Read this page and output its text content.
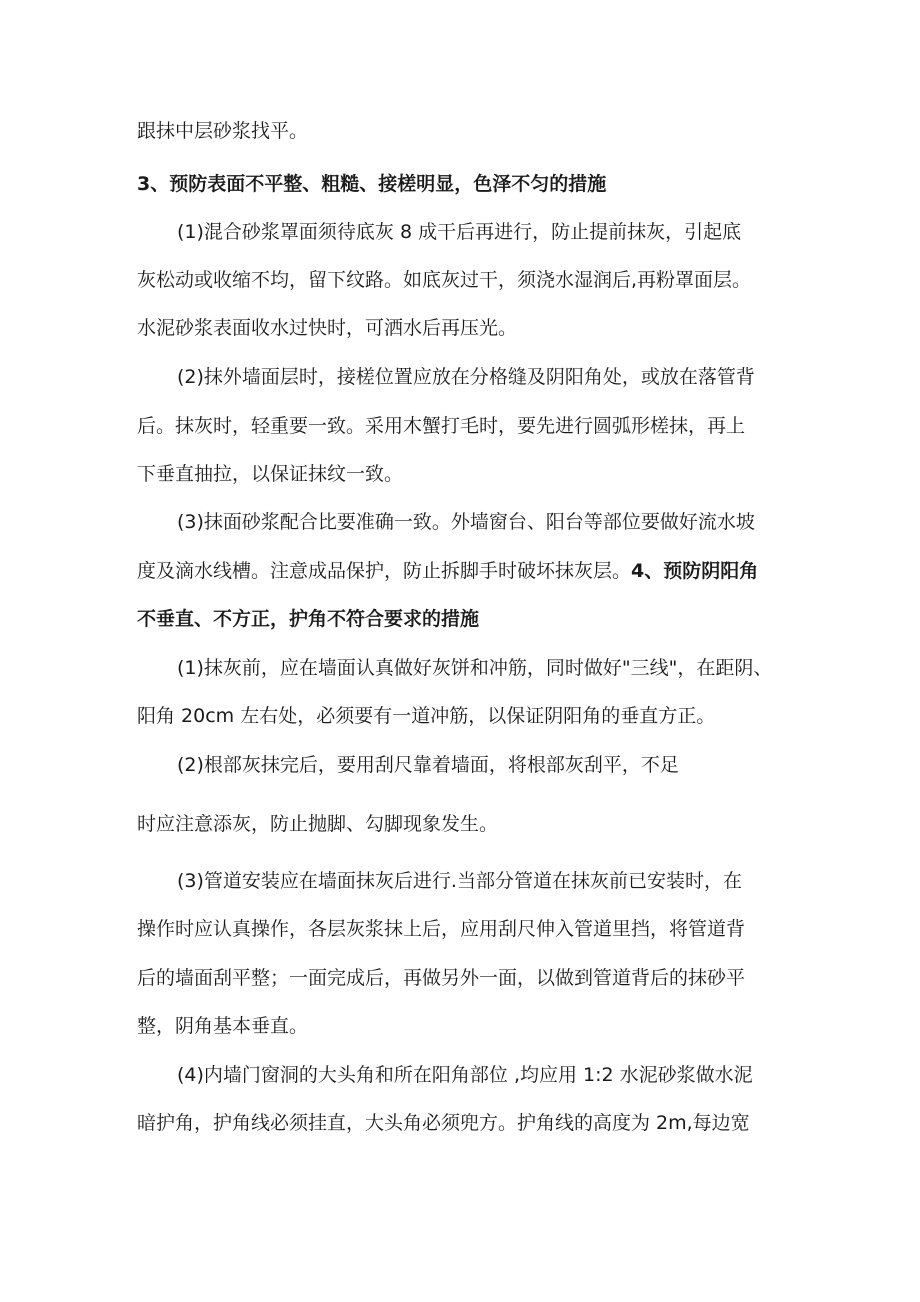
跟抹中层砂浆找平。
3、预防表面不平整、粗糙、接槎明显，色泽不匀的措施
(1)混合砂浆罩面须待底灰 8 成干后再进行，防止提前抹灰，引起底
灰松动或收缩不均，留下纹路。如底灰过干，须浇水湿润后,再粉罩面层。
水泥砂浆表面收水过快时，可洒水后再压光。
(2)抹外墙面层时，接槎位置应放在分格缝及阴阳角处，或放在落管背
后。抹灰时，轻重要一致。采用木蟹打毛时，要先进行圆弧形槎抹，再上
下垂直抽拉，以保证抹纹一致。
(3)抹面砂浆配合比要准确一致。外墙窗台、阳台等部位要做好流水坡
度及滴水线槽。注意成品保护，防止拆脚手时破坏抹灰层。4、预防阴阳角
不垂直、不方正，护角不符合要求的措施
(1)抹灰前，应在墙面认真做好灰饼和冲筋，同时做好"三线"，在距阴、
阳角 20cm 左右处，必须要有一道冲筋，以保证阴阳角的垂直方正。
(2)根部灰抹完后，要用刮尺靠着墙面，将根部灰刮平，不足
时应注意添灰，防止抛脚、勾脚现象发生。
(3)管道安装应在墙面抹灰后进行.当部分管道在抹灰前已安装时，在
操作时应认真操作，各层灰浆抹上后，应用刮尺伸入管道里挡，将管道背
后的墙面刮平整；一面完成后，再做另外一面，以做到管道背后的抹砂平
整，阴角基本垂直。
(4)内墙门窗洞的大头角和所在阳角部位 ,均应用 1:2 水泥砂浆做水泥
暗护角，护角线必须挂直，大头角必须兜方。护角线的高度为 2m,每边宽
